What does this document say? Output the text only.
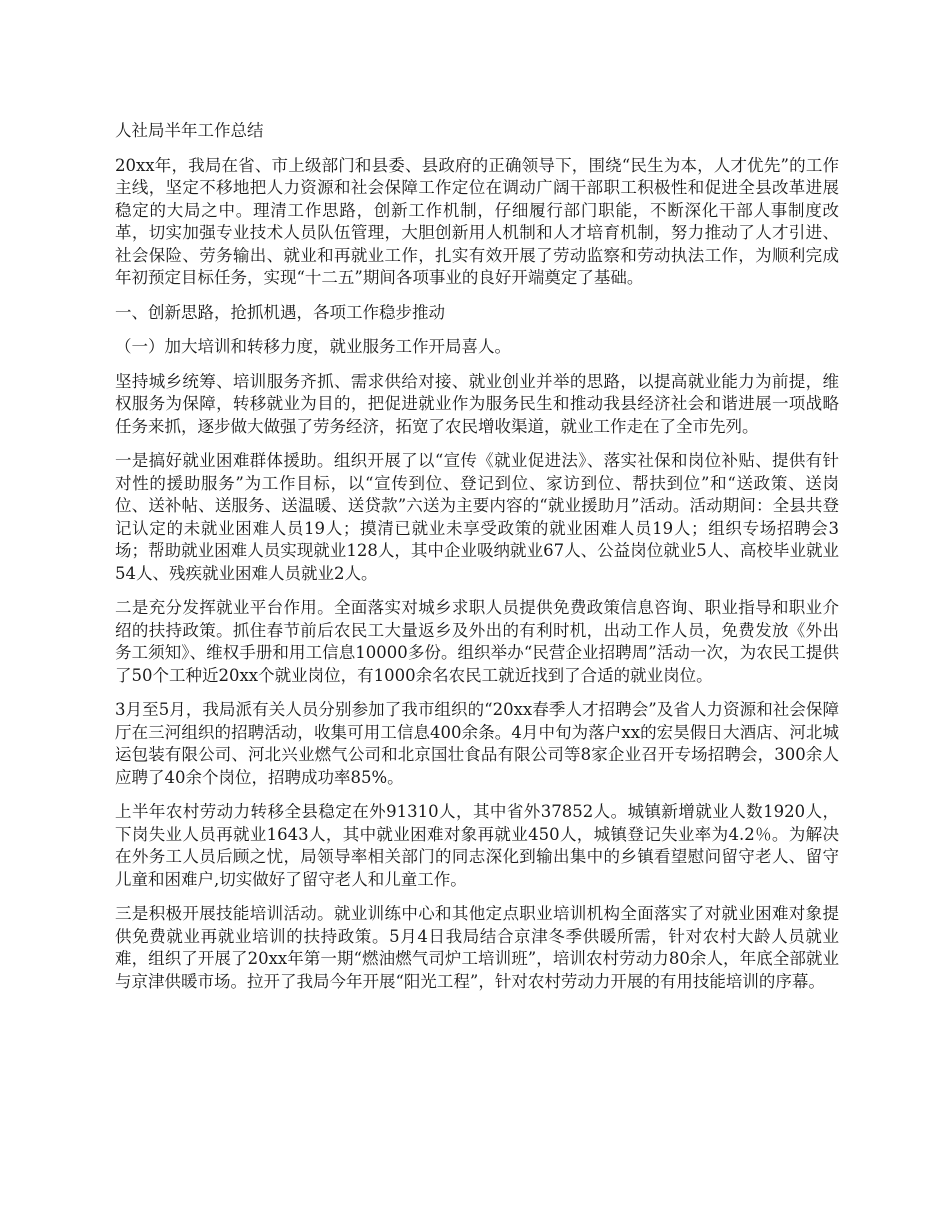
人社局半年工作总结

20xx年，我局在省、市上级部门和县委、县政府的正确领导下，围绕“民生为本，人才优先”的工作主线，坚定不移地把人力资源和社会保障工作定位在调动广阔干部职工积极性和促进全县改革进展稳定的大局之中。理清工作思路，创新工作机制，仔细履行部门职能，不断深化干部人事制度改革，切实加强专业技术人员队伍管理，大胆创新用人机制和人才培育机制，努力推动了人才引进、社会保险、劳务输出、就业和再就业工作，扎实有效开展了劳动监察和劳动执法工作，为顺利完成年初预定目标任务，实现“十二五”期间各项事业的良好开端奠定了基础。

一、创新思路，抢抓机遇，各项工作稳步推动

（一）加大培训和转移力度，就业服务工作开局喜人。

坚持城乡统筹、培训服务齐抓、需求供给对接、就业创业并举的思路，以提高就业能力为前提，维权服务为保障，转移就业为目的，把促进就业作为服务民生和推动我县经济社会和谐进展一项战略任务来抓，逐步做大做强了劳务经济，拓宽了农民增收渠道，就业工作走在了全市先列。

一是搞好就业困难群体援助。组织开展了以“宣传《就业促进法》、落实社保和岗位补贴、提供有针对性的援助服务”为工作目标，以“宣传到位、登记到位、家访到位、帮扶到位”和“送政策、送岗位、送补帖、送服务、送温暖、送贷款”六送为主要内容的“就业援助月”活动。活动期间：全县共登记认定的未就业困难人员19人；摸清已就业未享受政策的就业困难人员19人；组织专场招聘会3场；帮助就业困难人员实现就业128人，其中企业吸纳就业67人、公益岗位就业5人、高校毕业就业54人、残疾就业困难人员就业2人。

二是充分发挥就业平台作用。全面落实对城乡求职人员提供免费政策信息咨询、职业指导和职业介绍的扶持政策。抓住春节前后农民工大量返乡及外出的有利时机，出动工作人员，免费发放《外出务工须知》、维权手册和用工信息10000多份。组织举办“民营企业招聘周”活动一次，为农民工提供了50个工种近20xx个就业岗位，有1000余名农民工就近找到了合适的就业岗位。

3月至5月，我局派有关人员分别参加了我市组织的“20xx春季人才招聘会”及省人力资源和社会保障厅在三河组织的招聘活动，收集可用工信息400余条。4月中旬为落户xx的宏昊假日大酒店、河北城运包装有限公司、河北兴业燃气公司和北京国壮食品有限公司等8家企业召开专场招聘会，300余人应聘了40余个岗位，招聘成功率85%。

上半年农村劳动力转移全县稳定在外91310人，其中省外37852人。城镇新增就业人数1920人，下岗失业人员再就业1643人，其中就业困难对象再就业450人，城镇登记失业率为4.2％。为解决在外务工人员后顾之忧，局领导率相关部门的同志深化到输出集中的乡镇看望慰问留守老人、留守儿童和困难户,切实做好了留守老人和儿童工作。

三是积极开展技能培训活动。就业训练中心和其他定点职业培训机构全面落实了对就业困难对象提供免费就业再就业培训的扶持政策。5月4日我局结合京津冬季供暖所需，针对农村大龄人员就业难，组织了开展了20xx年第一期“燃油燃气司炉工培训班”，培训农村劳动力80余人，年底全部就业与京津供暖市场。拉开了我局今年开展“阳光工程”，针对农村劳动力开展的有用技能培训的序幕。
